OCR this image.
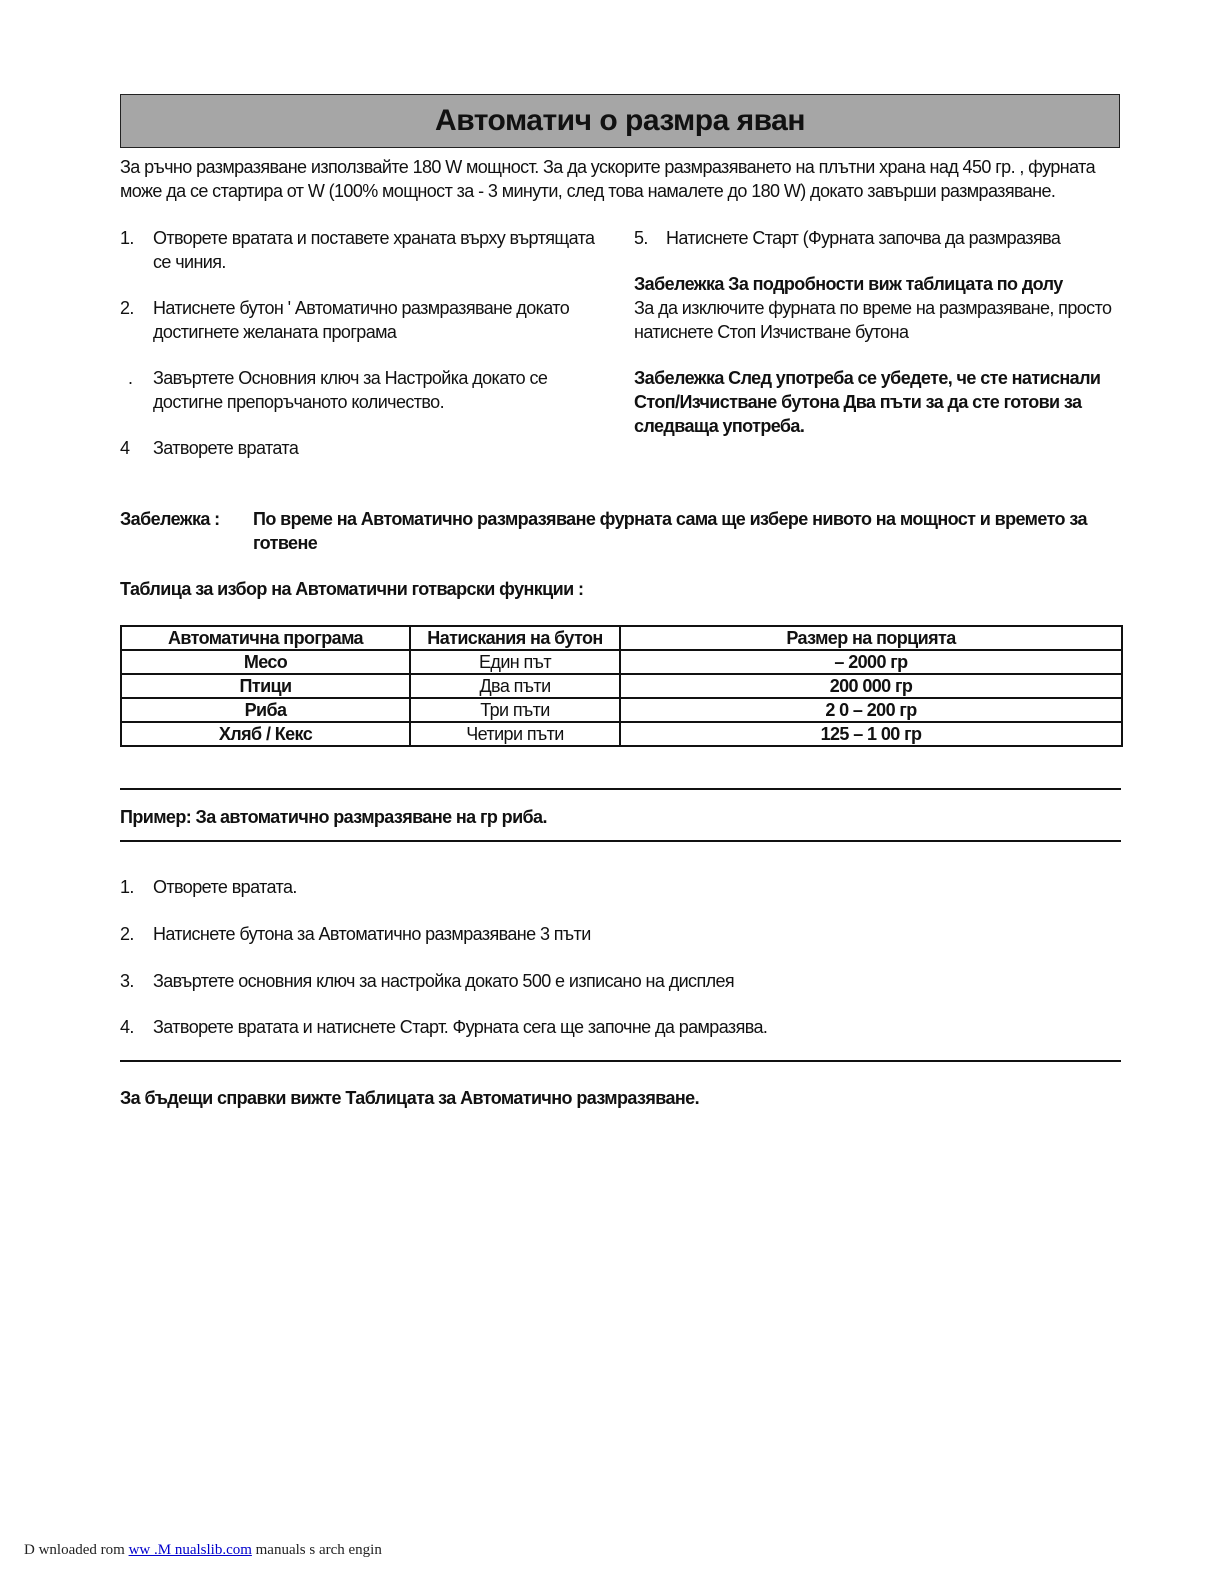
Автоматич о размра яван
За ръчно размразяване използвайте 180 W мощност. За да ускорите размразяването на плътни храна над 450 гр. , фурната
може да се стартира от W (100% мощност за - 3 минути, след това намалете до 180 W) докато завърши размразяване.
1.	Отворете вратата и поставете храната върху въртящата
се чиния.
2.	Натиснете бутон ' Автоматично размразяване докато
достигнете желаната програма
.	Завъртете Основния ключ за Настройка докато се
достигне препоръчаното количество.
4	Затворете вратата
5. Натиснете Старт (Фурната започва да размразява
Забележка За подробности виж таблицата по долу
За да изключите фурната по време на размразяване, просто
натиснете Стоп Изчистване бутона
Забележка След употреба се убедете, че сте натиснали
Стоп/Изчистване бутона Два пъти за да сте готови за
следваща употреба.
Забележка : По време на Автоматично размразяване фурната сама ще избере нивото на мощност и времето за
готвене
Таблица за избор на Автоматични готварски функции :
Автоматична програма	Натискания на бутон	Размер на порцията
Месо	Един път	– 2000 гр
Птици	Два пъти	200 000 гр
Риба	Три пъти	2 0 – 200 гр
Хляб / Кекс	Четири пъти	125 – 1 00 гр
Пример: За автоматично размразяване на гр риба.
1. Отворете вратата.
2. Натиснете бутона за Автоматично размразяване 3 пъти
3. Завъртете основния ключ за настройка докато 500 е изписано на дисплея
4. Затворете вратата и натиснете Старт. Фурната сега ще започне да рамразява.
За бъдещи справки вижте Таблицата за Автоматично размразяване.
D wnloaded rom ww .M nualslib.com manuals s arch engin
